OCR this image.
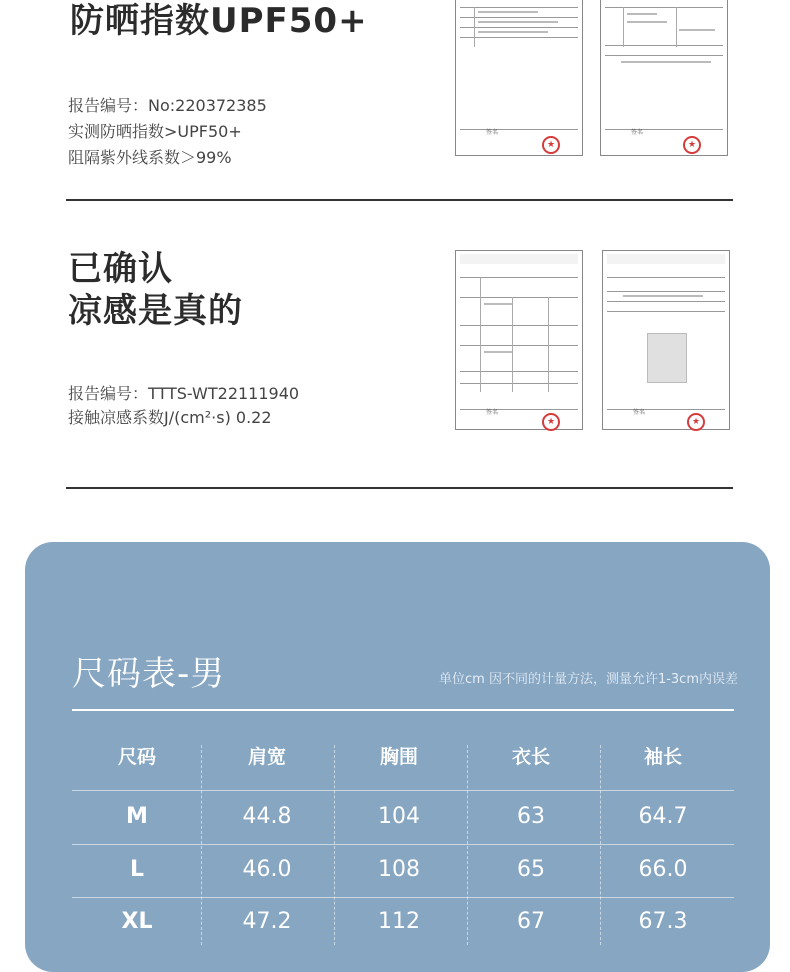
防晒指数UPF50+
报告编号：No:220372385
实测防晒指数>UPF50+
阻隔紫外线系数＞99%
签名
★
签名
★
已确认
凉感是真的
报告编号：TTTS-WT22111940
接触凉感系数J/(cm²·s) 0.22	签名
★
签名
★
尺码表-男	单位cm 因不同的计量方法，测量允许1-3cm内误差
尺码	肩宽	胸围	衣长	袖长
M	44.8	104	63	64.7
L	46.0	108	65	66.0
XL	47.2	112	67	67.3
